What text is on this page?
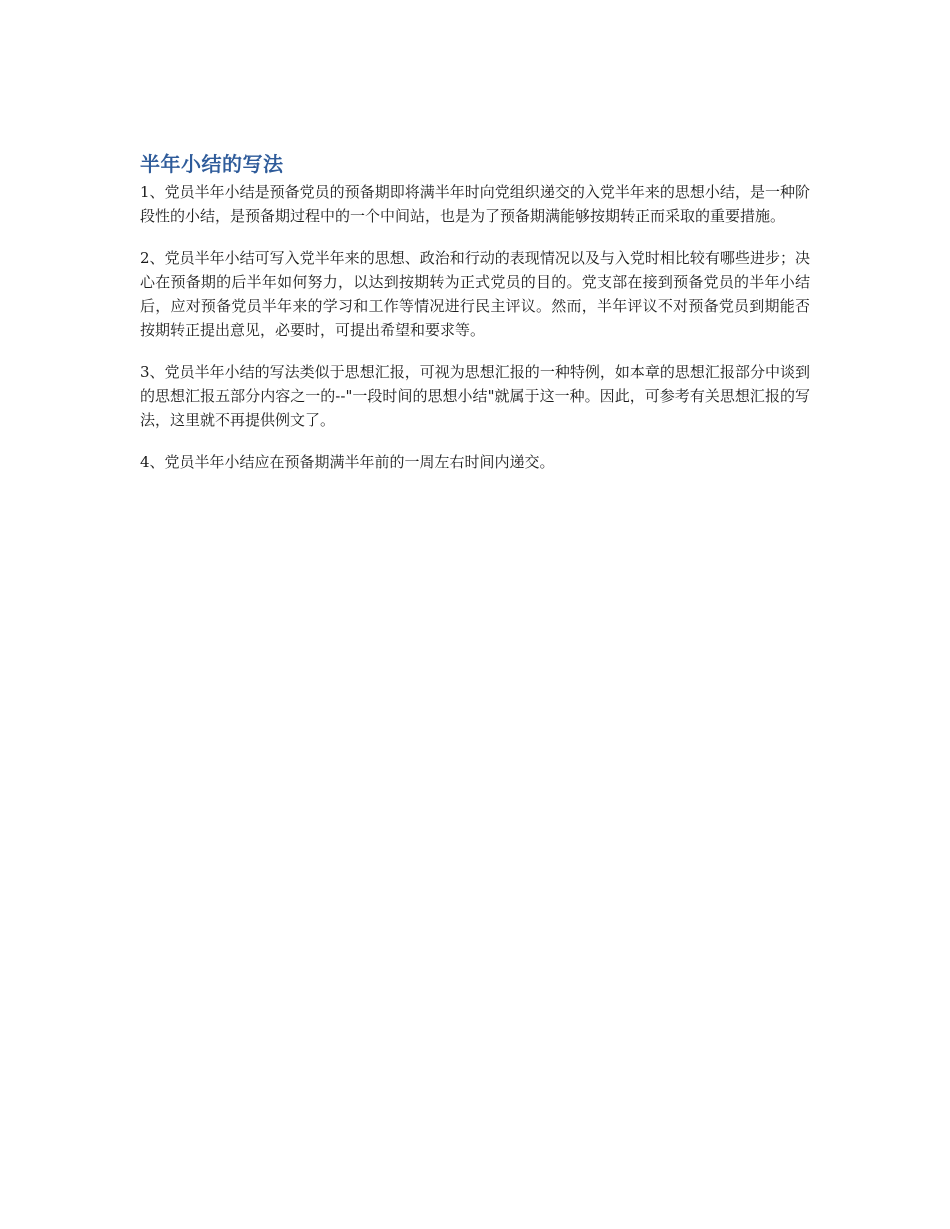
半年小结的写法

1、党员半年小结是预备党员的预备期即将满半年时向党组织递交的入党半年来的思想小结，是一种阶段性的小结，是预备期过程中的一个中间站，也是为了预备期满能够按期转正而采取的重要措施。

2、党员半年小结可写入党半年来的思想、政治和行动的表现情况以及与入党时相比较有哪些进步；决心在预备期的后半年如何努力，以达到按期转为正式党员的目的。党支部在接到预备党员的半年小结后，应对预备党员半年来的学习和工作等情况进行民主评议。然而，半年评议不对预备党员到期能否按期转正提出意见，必要时，可提出希望和要求等。

3、党员半年小结的写法类似于思想汇报，可视为思想汇报的一种特例，如本章的思想汇报部分中谈到的思想汇报五部分内容之一的--"一段时间的思想小结"就属于这一种。因此，可参考有关思想汇报的写法，这里就不再提供例文了。

4、党员半年小结应在预备期满半年前的一周左右时间内递交。
